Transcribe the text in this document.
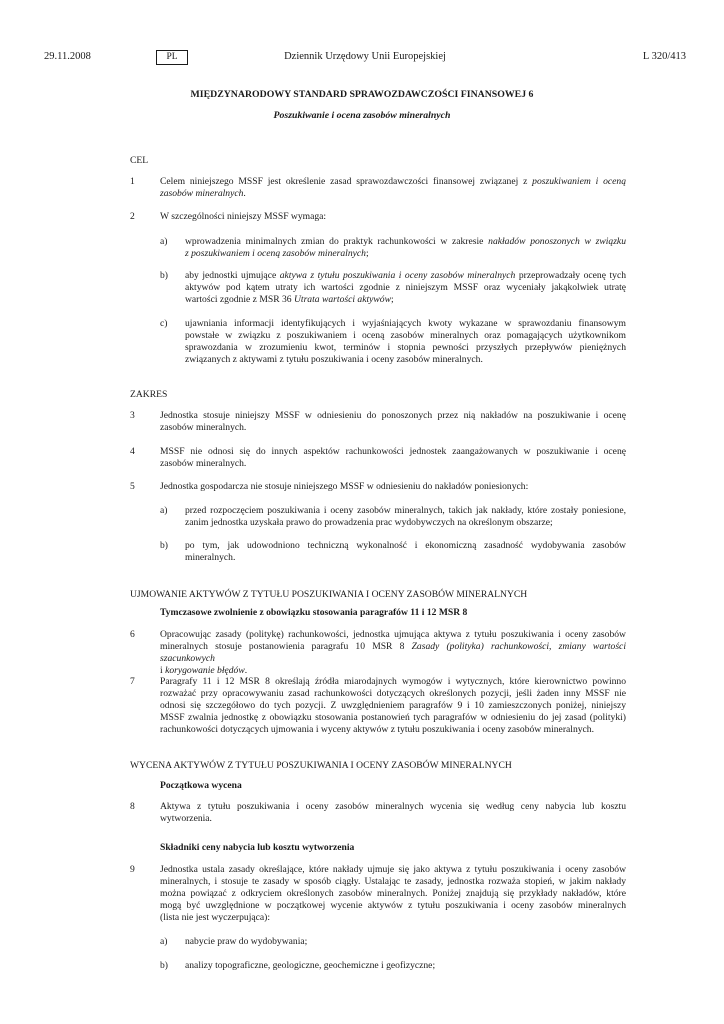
29.11.2008	PL	Dziennik Urzędowy Unii Europejskiej	L 320/413
MIĘDZYNARODOWY STANDARD SPRAWOZDAWCZOŚCI FINANSOWEJ 6
Poszukiwanie i ocena zasobów mineralnych
CEL
1	Celem niniejszego MSSF jest określenie zasad sprawozdawczości finansowej związanej z poszukiwaniem i oceną
zasobów mineralnych.
2	W szczególności niniejszy MSSF wymaga:
a) wprowadzenia minimalnych zmian do praktyk rachunkowości w zakresie nakładów ponoszonych w związku
z poszukiwaniem i oceną zasobów mineralnych;
b) aby jednostki ujmujące aktywa z tytułu poszukiwania i oceny zasobów mineralnych przeprowadzały ocenę tych
aktywów pod kątem utraty ich wartości zgodnie z niniejszym MSSF oraz wyceniały jakąkolwiek utratę
wartości zgodnie z MSR 36 Utrata wartości aktywów;
c) ujawniania informacji identyfikujących i wyjaśniających kwoty wykazane w sprawozdaniu finansowym
powstałe w związku z poszukiwaniem i oceną zasobów mineralnych oraz pomagających użytkownikom
sprawozdania w zrozumieniu kwot, terminów i stopnia pewności przyszłych przepływów pieniężnych
związanych z aktywami z tytułu poszukiwania i oceny zasobów mineralnych.
ZAKRES
3	Jednostka stosuje niniejszy MSSF w odniesieniu do ponoszonych przez nią nakładów na poszukiwanie i ocenę
zasobów mineralnych.
4	MSSF nie odnosi się do innych aspektów rachunkowości jednostek zaangażowanych w poszukiwanie i ocenę
zasobów mineralnych.
5	Jednostka gospodarcza nie stosuje niniejszego MSSF w odniesieniu do nakładów poniesionych:
a) przed rozpoczęciem poszukiwania i oceny zasobów mineralnych, takich jak nakłady, które zostały poniesione,
zanim jednostka uzyskała prawo do prowadzenia prac wydobywczych na określonym obszarze;
b) po tym, jak udowodniono techniczną wykonalność i ekonomiczną zasadność wydobywania zasobów
mineralnych.
UJMOWANIE AKTYWÓW Z TYTUŁU POSZUKIWANIA I OCENY ZASOBÓW MINERALNYCH
Tymczasowe zwolnienie z obowiązku stosowania paragrafów 11 i 12 MSR 8
6	Opracowując zasady (politykę) rachunkowości, jednostka ujmująca aktywa z tytułu poszukiwania i oceny zasobów
mineralnych stosuje postanowienia paragrafu 10 MSR 8 Zasady (polityka) rachunkowości, zmiany wartości szacunkowych
i korygowanie błędów.
7	Paragrafy 11 i 12 MSR 8 określają źródła miarodajnych wymogów i wytycznych, które kierownictwo powinno
rozważać przy opracowywaniu zasad rachunkowości dotyczących określonych pozycji, jeśli żaden inny MSSF nie
odnosi się szczegółowo do tych pozycji. Z uwzględnieniem paragrafów 9 i 10 zamieszczonych poniżej, niniejszy
MSSF zwalnia jednostkę z obowiązku stosowania postanowień tych paragrafów w odniesieniu do jej zasad (polityki)
rachunkowości dotyczących ujmowania i wyceny aktywów z tytułu poszukiwania i oceny zasobów mineralnych.
WYCENA AKTYWÓW Z TYTUŁU POSZUKIWANIA I OCENY ZASOBÓW MINERALNYCH
Początkowa wycena
8	Aktywa z tytułu poszukiwania i oceny zasobów mineralnych wycenia się według ceny nabycia lub kosztu
wytworzenia.
Składniki ceny nabycia lub kosztu wytworzenia
9	Jednostka ustala zasady określające, które nakłady ujmuje się jako aktywa z tytułu poszukiwania i oceny zasobów
mineralnych, i stosuje te zasady w sposób ciągły. Ustalając te zasady, jednostka rozważa stopień, w jakim nakłady
można powiązać z odkryciem określonych zasobów mineralnych. Poniżej znajdują się przykłady nakładów, które
mogą być uwzględnione w początkowej wycenie aktywów z tytułu poszukiwania i oceny zasobów mineralnych
(lista nie jest wyczerpująca):
a) nabycie praw do wydobywania;
b) analizy topograficzne, geologiczne, geochemiczne i geofizyczne;
